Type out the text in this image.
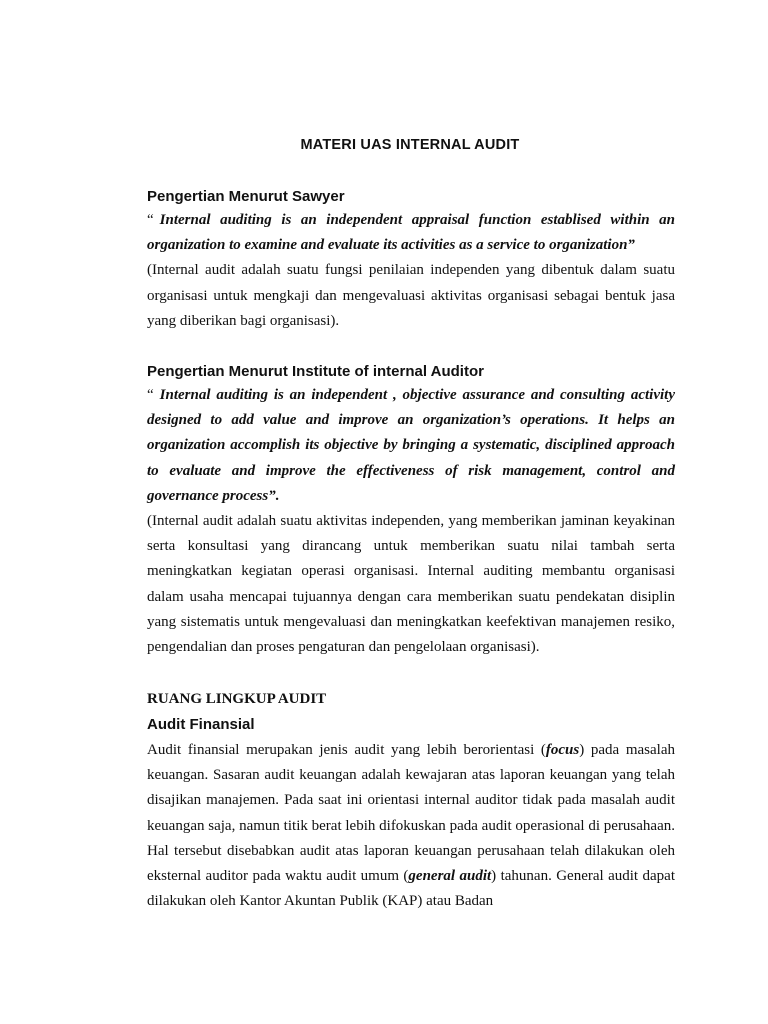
MATERI UAS INTERNAL AUDIT
Pengertian Menurut Sawyer

“ Internal auditing is an independent appraisal function establised within an organization to examine and evaluate its activities as a service to organization”

(Internal audit adalah suatu fungsi penilaian independen yang dibentuk dalam suatu organisasi untuk mengkaji dan mengevaluasi aktivitas organisasi sebagai bentuk jasa yang diberikan bagi organisasi).

Pengertian Menurut Institute of internal Auditor

“ Internal auditing is an independent , objective assurance and consulting activity designed to add value and improve an organization’s operations. It helps an organization accomplish its objective by bringing a systematic, disciplined approach to evaluate and improve the effectiveness of risk management, control and governance process”.

(Internal audit adalah suatu aktivitas independen, yang memberikan jaminan keyakinan serta konsultasi yang dirancang untuk memberikan suatu nilai tambah serta meningkatkan kegiatan operasi organisasi. Internal auditing membantu organisasi dalam usaha mencapai tujuannya dengan cara memberikan suatu pendekatan disiplin yang sistematis untuk mengevaluasi dan meningkatkan keefektivan manajemen resiko, pengendalian dan proses pengaturan dan pengelolaan organisasi).

RUANG LINGKUP AUDIT
Audit Finansial

Audit finansial merupakan jenis audit yang lebih berorientasi (focus) pada masalah keuangan. Sasaran audit keuangan adalah kewajaran atas laporan keuangan yang telah disajikan manajemen. Pada saat ini orientasi internal auditor tidak pada masalah audit keuangan saja, namun titik berat lebih difokuskan pada audit operasional di perusahaan. Hal tersebut disebabkan audit atas laporan keuangan perusahaan telah dilakukan oleh eksternal auditor pada waktu audit umum (general audit) tahunan. General audit dapat dilakukan oleh Kantor Akuntan Publik (KAP) atau Badan
